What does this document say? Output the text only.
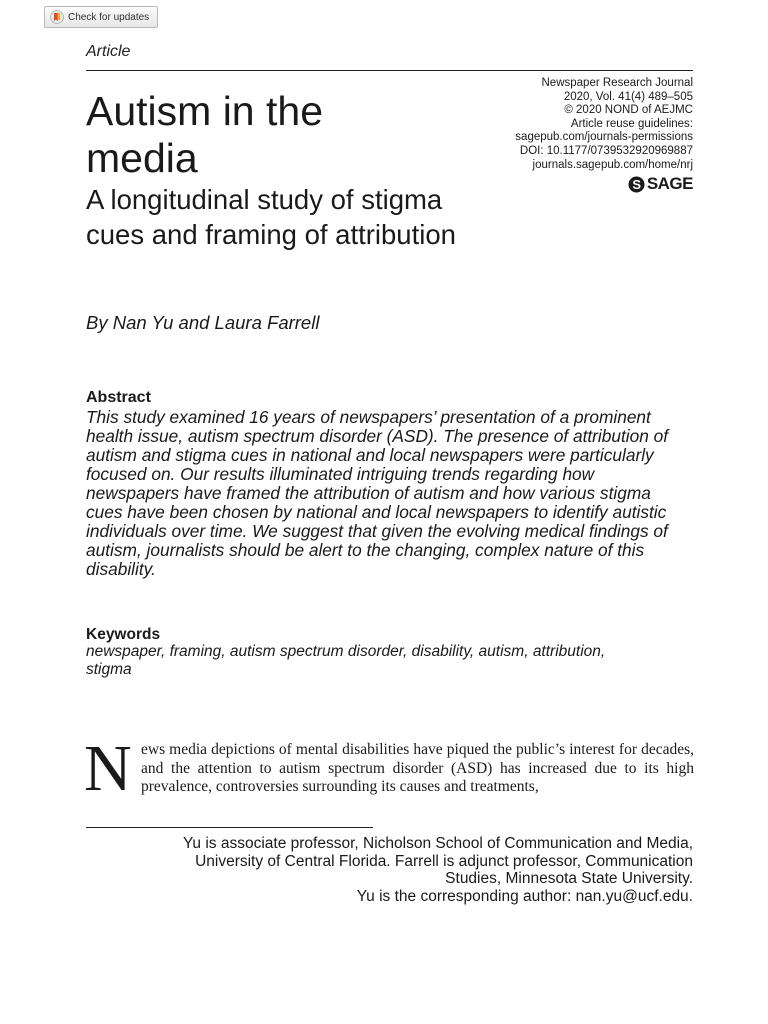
Check for updates
Article
Newspaper Research Journal
2020, Vol. 41(4) 489–505
© 2020 NOND of AEJMC
Article reuse guidelines:
sagepub.com/journals-permissions
DOI: 10.1177/0739532920969887
journals.sagepub.com/home/nrj
S SAGE
Autism in the media
A longitudinal study of stigma cues and framing of attribution
By Nan Yu and Laura Farrell
Abstract
This study examined 16 years of newspapers’ presentation of a prominent health issue, autism spectrum disorder (ASD). The presence of attribution of autism and stigma cues in national and local newspapers were particularly focused on. Our results illuminated intriguing trends regarding how newspapers have framed the attribution of autism and how various stigma cues have been chosen by national and local newspapers to identify autistic individuals over time. We suggest that given the evolving medical findings of autism, journalists should be alert to the changing, complex nature of this disability.
Keywords
newspaper, framing, autism spectrum disorder, disability, autism, attribution, stigma
N ews media depictions of mental disabilities have piqued the public’s interest for decades, and the attention to autism spectrum disorder (ASD) has increased due to its high prevalence, controversies surrounding its causes and treatments,
Yu is associate professor, Nicholson School of Communication and Media,
University of Central Florida. Farrell is adjunct professor, Communication
Studies, Minnesota State University.
Yu is the corresponding author: nan.yu@ucf.edu.
